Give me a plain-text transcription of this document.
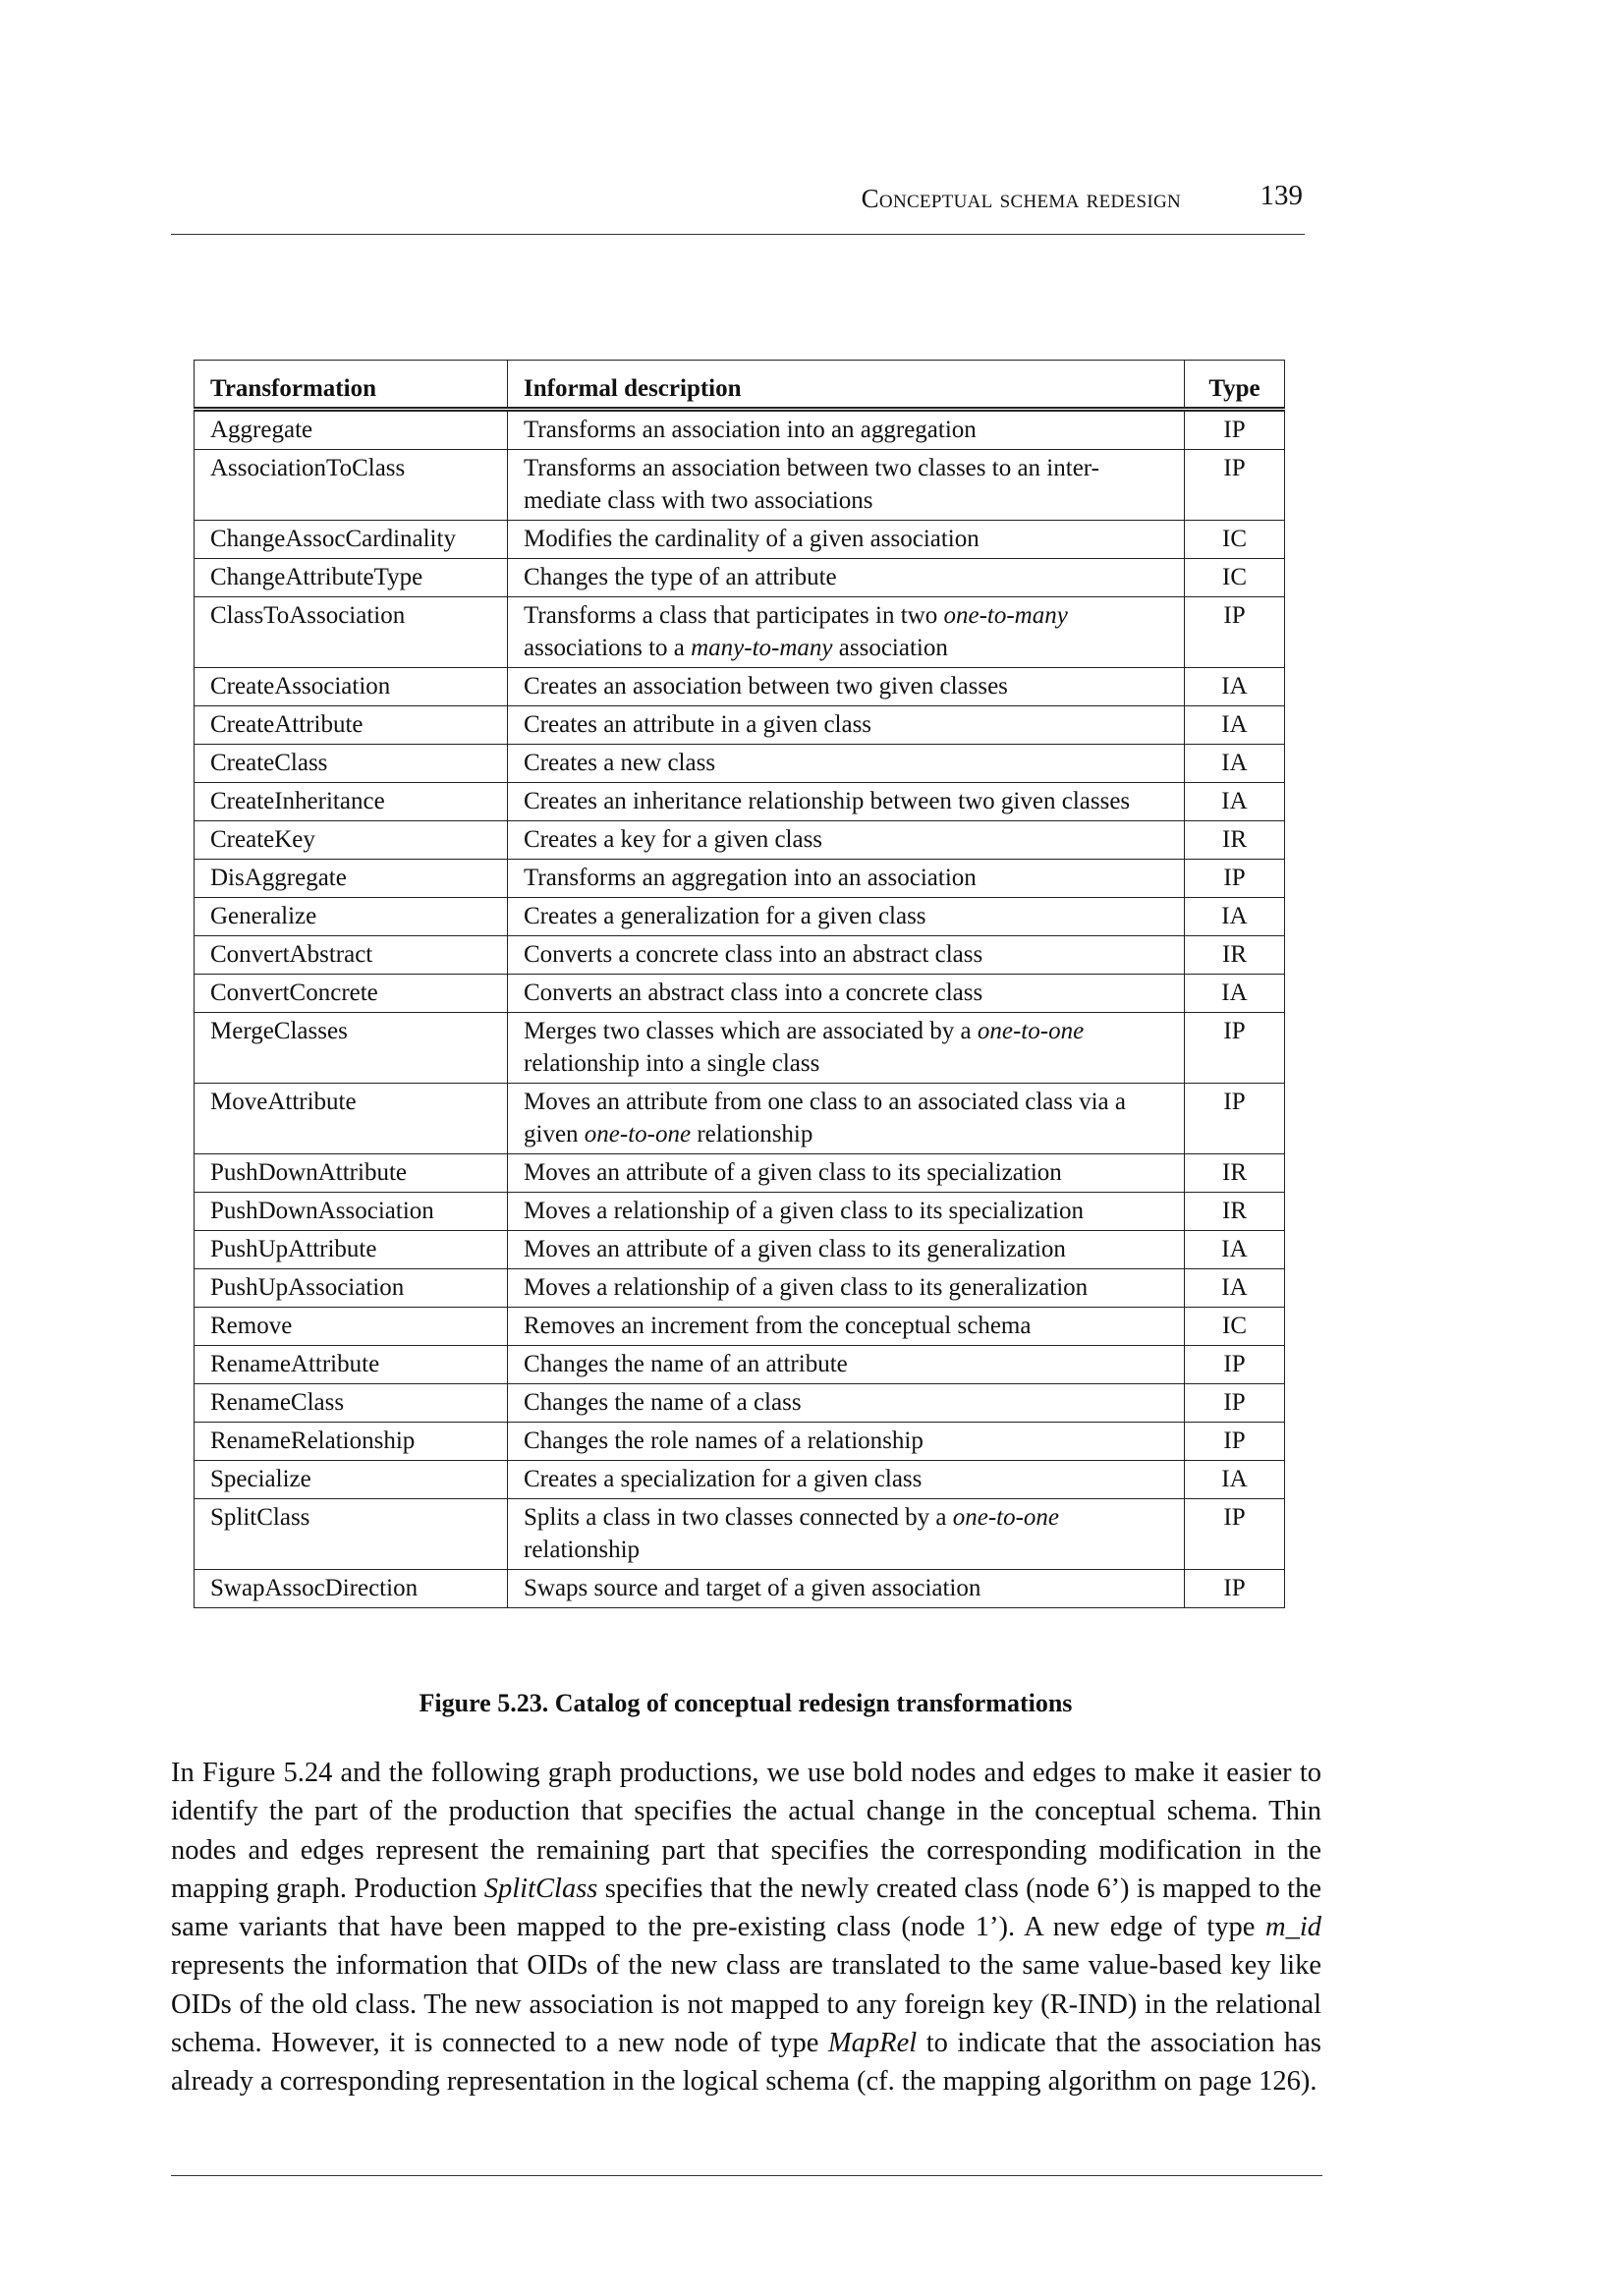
Conceptual schema redesign	139
Transformation	Informal description	Type
Aggregate	Transforms an association into an aggregation	IP
AssociationToClass	Transforms an association between two classes to an inter-mediate class with two associations	IP
ChangeAssocCardinality	Modifies the cardinality of a given association	IC
ChangeAttributeType	Changes the type of an attribute	IC
ClassToAssociation	Transforms a class that participates in two one-to-many associations to a many-to-many association	IP
CreateAssociation	Creates an association between two given classes	IA
CreateAttribute	Creates an attribute in a given class	IA
CreateClass	Creates a new class	IA
CreateInheritance	Creates an inheritance relationship between two given classes	IA
CreateKey	Creates a key for a given class	IR
DisAggregate	Transforms an aggregation into an association	IP
Generalize	Creates a generalization for a given class	IA
ConvertAbstract	Converts a concrete class into an abstract class	IR
ConvertConcrete	Converts an abstract class into a concrete class	IA
MergeClasses	Merges two classes which are associated by a one-to-one relationship into a single class	IP
MoveAttribute	Moves an attribute from one class to an associated class via a given one-to-one relationship	IP
PushDownAttribute	Moves an attribute of a given class to its specialization	IR
PushDownAssociation	Moves a relationship of a given class to its specialization	IR
PushUpAttribute	Moves an attribute of a given class to its generalization	IA
PushUpAssociation	Moves a relationship of a given class to its generalization	IA
Remove	Removes an increment from the conceptual schema	IC
RenameAttribute	Changes the name of an attribute	IP
RenameClass	Changes the name of a class	IP
RenameRelationship	Changes the role names of a relationship	IP
Specialize	Creates a specialization for a given class	IA
SplitClass	Splits a class in two classes connected by a one-to-one relationship	IP
SwapAssocDirection	Swaps source and target of a given association	IP
Figure 5.23. Catalog of conceptual redesign transformations

In Figure 5.24 and the following graph productions, we use bold nodes and edges to make it easier to identify the part of the production that specifies the actual change in the conceptual schema. Thin nodes and edges represent the remaining part that specifies the corresponding modification in the mapping graph. Production SplitClass specifies that the newly created class (node 6’) is mapped to the same variants that have been mapped to the pre-existing class (node 1’). A new edge of type m_id represents the information that OIDs of the new class are translated to the same value-based key like OIDs of the old class. The new association is not mapped to any foreign key (R-IND) in the relational schema. However, it is connected to a new node of type MapRel to indicate that the association has already a corresponding representation in the logical schema (cf. the mapping algorithm on page 126).
